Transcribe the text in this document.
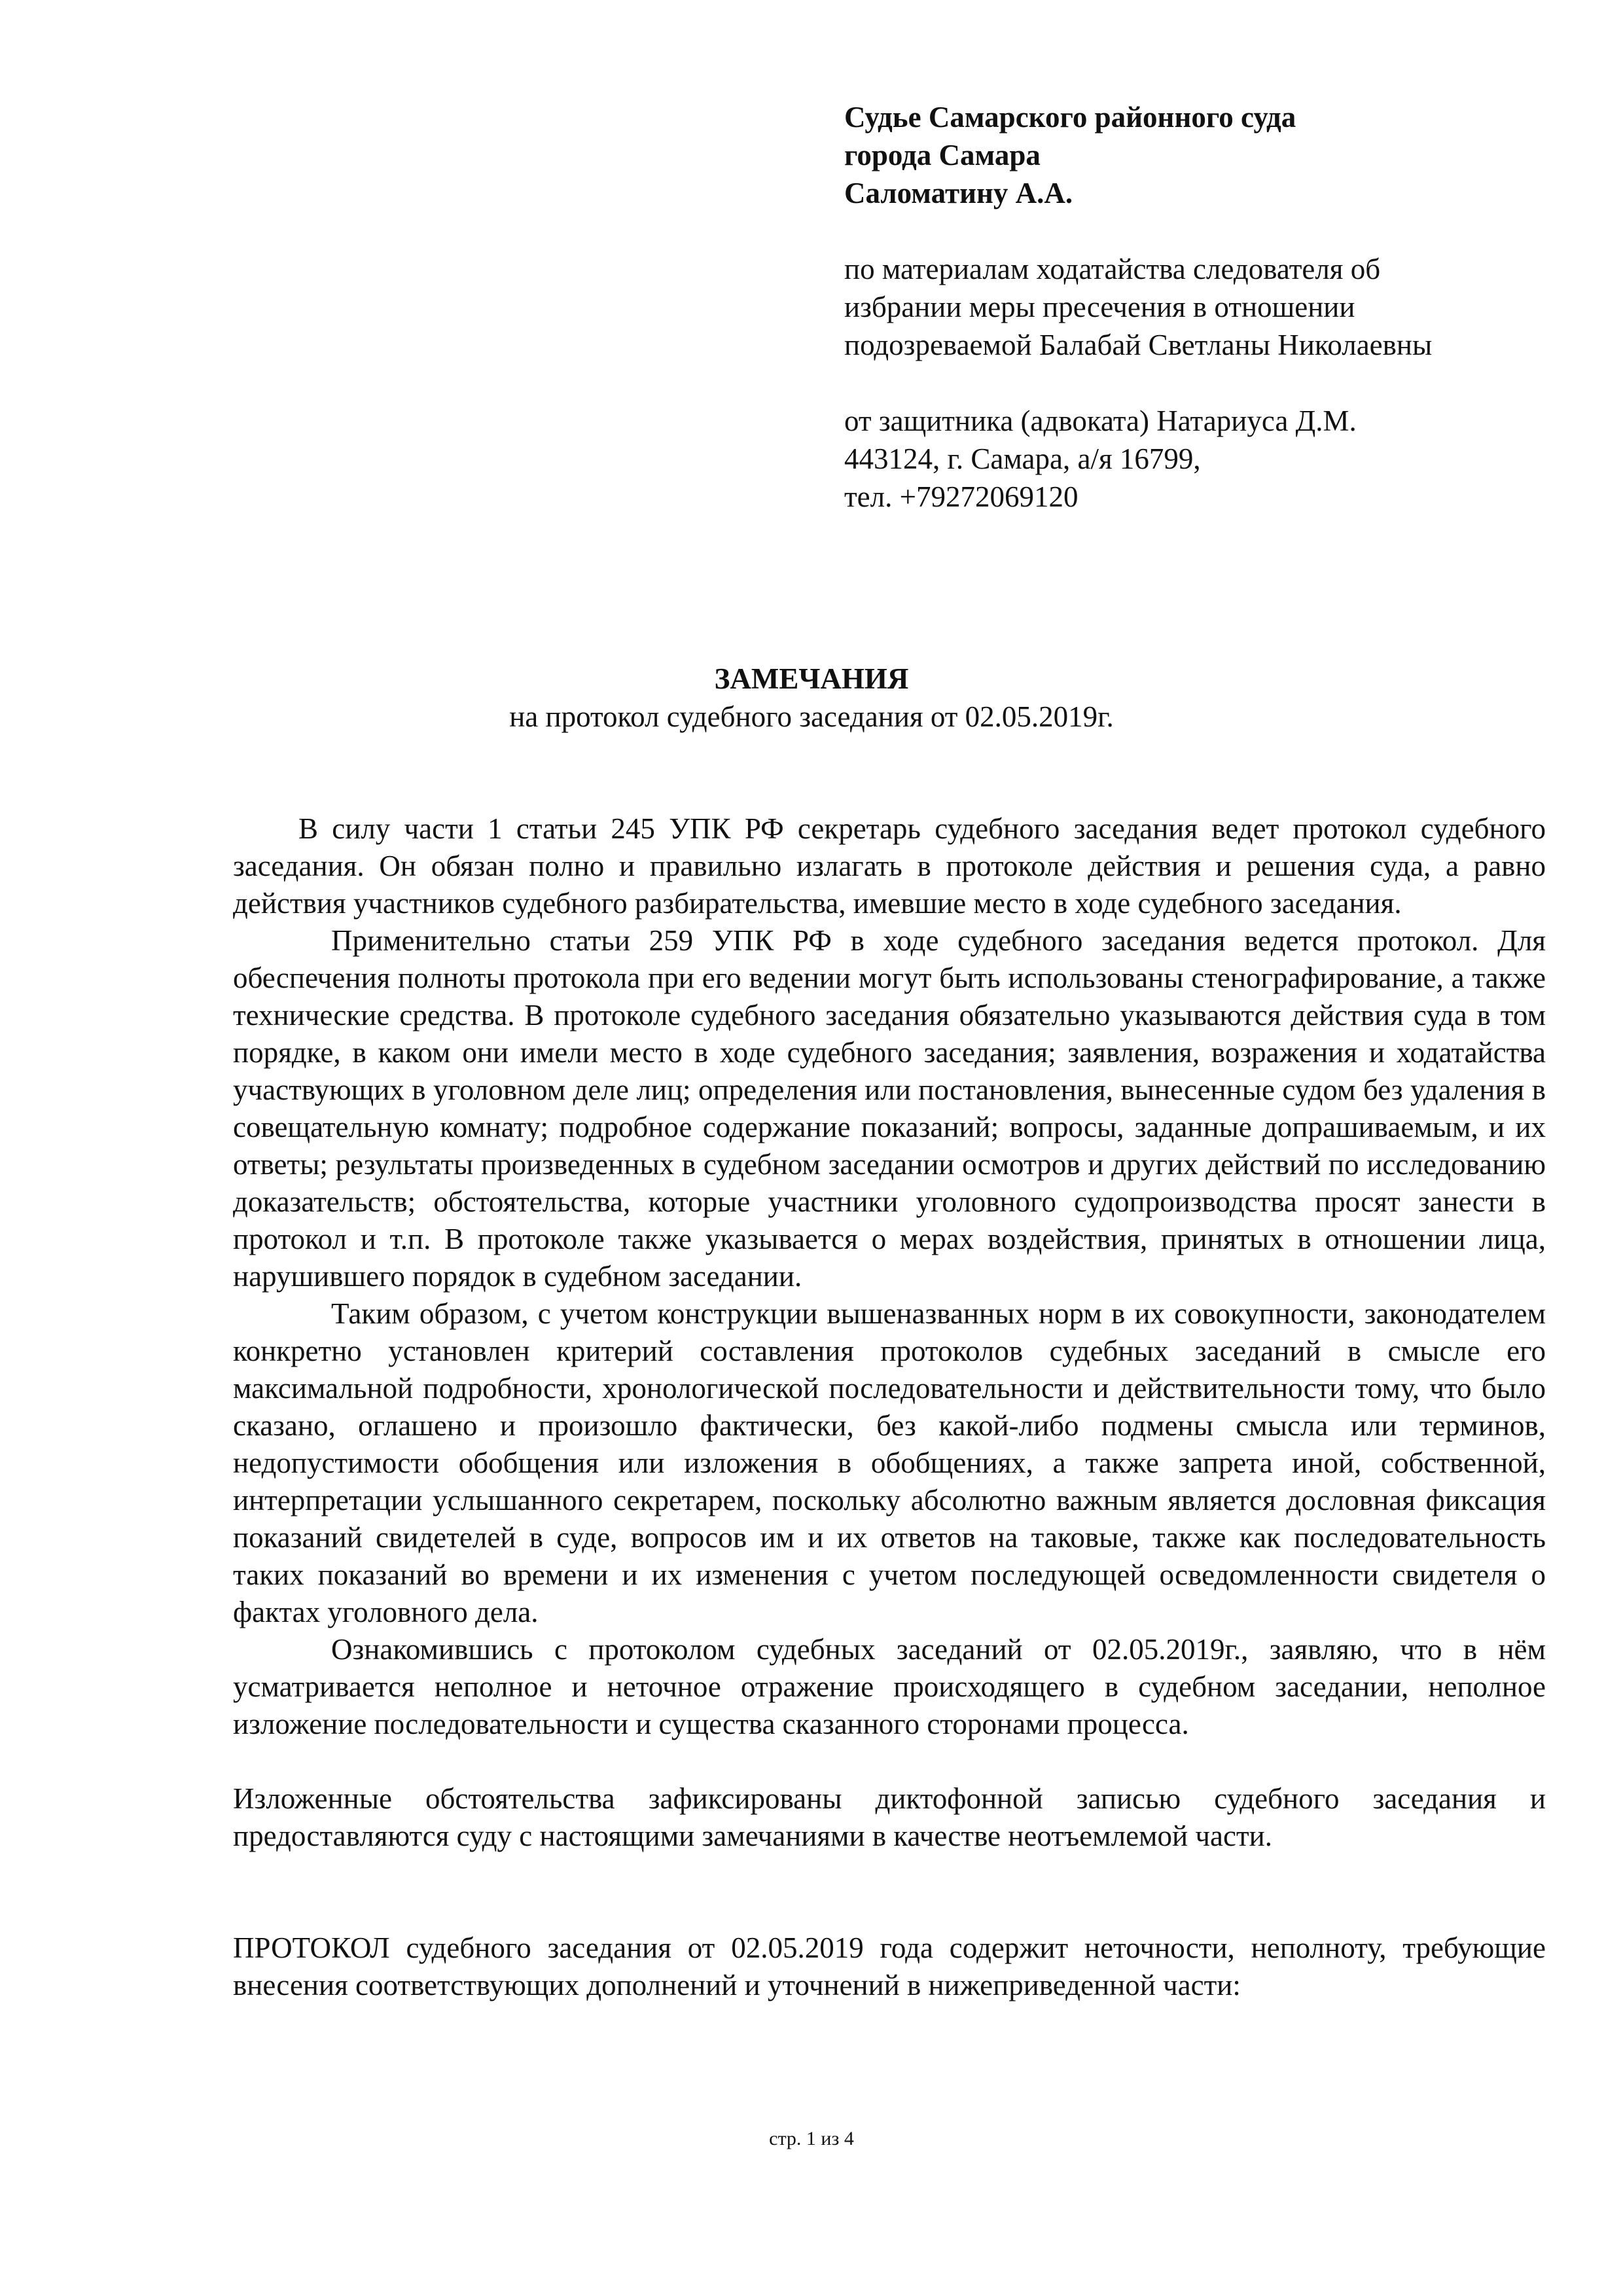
Судье Самарского районного суда
города Самара
Саломатину А.А.
по материалам ходатайства следователя об
избрании меры пресечения в отношении
подозреваемой Балабай Светланы Николаевны
от защитника (адвоката) Натариуса Д.М.
443124, г. Самара, а/я 16799,
тел. +79272069120
ЗАМЕЧАНИЯ
на протокол судебного заседания от 02.05.2019г.

В силу части 1 статьи 245 УПК РФ секретарь судебного заседания ведет протокол судебного заседания. Он обязан полно и правильно излагать в протоколе действия и решения суда, а равно действия участников судебного разбирательства, имевшие место в ходе судебного заседания.

Применительно статьи 259 УПК РФ в ходе судебного заседания ведется протокол. Для обеспечения полноты протокола при его ведении могут быть использованы стенографирование, а также технические средства. В протоколе судебного заседания обязательно указываются действия суда в том порядке, в каком они имели место в ходе судебного заседания; заявления, возражения и ходатайства участвующих в уголовном деле лиц; определения или постановления, вынесенные судом без удаления в совещательную комнату; подробное содержание показаний; вопросы, заданные допрашиваемым, и их ответы; результаты произведенных в судебном заседании осмотров и других действий по исследованию доказательств; обстоятельства, которые участники уголовного судопроизводства просят занести в протокол и т.п. В протоколе также указывается о мерах воздействия, принятых в отношении лица, нарушившего порядок в судебном заседании.

Таким образом, с учетом конструкции вышеназванных норм в их совокупности, законодателем конкретно установлен критерий составления протоколов судебных заседаний в смысле его максимальной подробности, хронологической последовательности и действительности тому, что было сказано, оглашено и произошло фактически, без какой-либо подмены смысла или терминов, недопустимости обобщения или изложения в обобщениях, а также запрета иной, собственной, интерпретации услышанного секретарем, поскольку абсолютно важным является дословная фиксация показаний свидетелей в суде, вопросов им и их ответов на таковые, также как последовательность таких показаний во времени и их изменения с учетом последующей осведомленности свидетеля о фактах уголовного дела.

Ознакомившись с протоколом судебных заседаний от 02.05.2019г., заявляю, что в нём усматривается неполное и неточное отражение происходящего в судебном заседании, неполное изложение последовательности и существа сказанного сторонами процесса.

Изложенные обстоятельства зафиксированы диктофонной записью судебного заседания и предоставляются суду с настоящими замечаниями в качестве неотъемлемой части.

ПРОТОКОЛ судебного заседания от 02.05.2019 года содержит неточности, неполноту, требующие внесения соответствующих дополнений и уточнений в нижеприведенной части:

стр. 1 из 4
